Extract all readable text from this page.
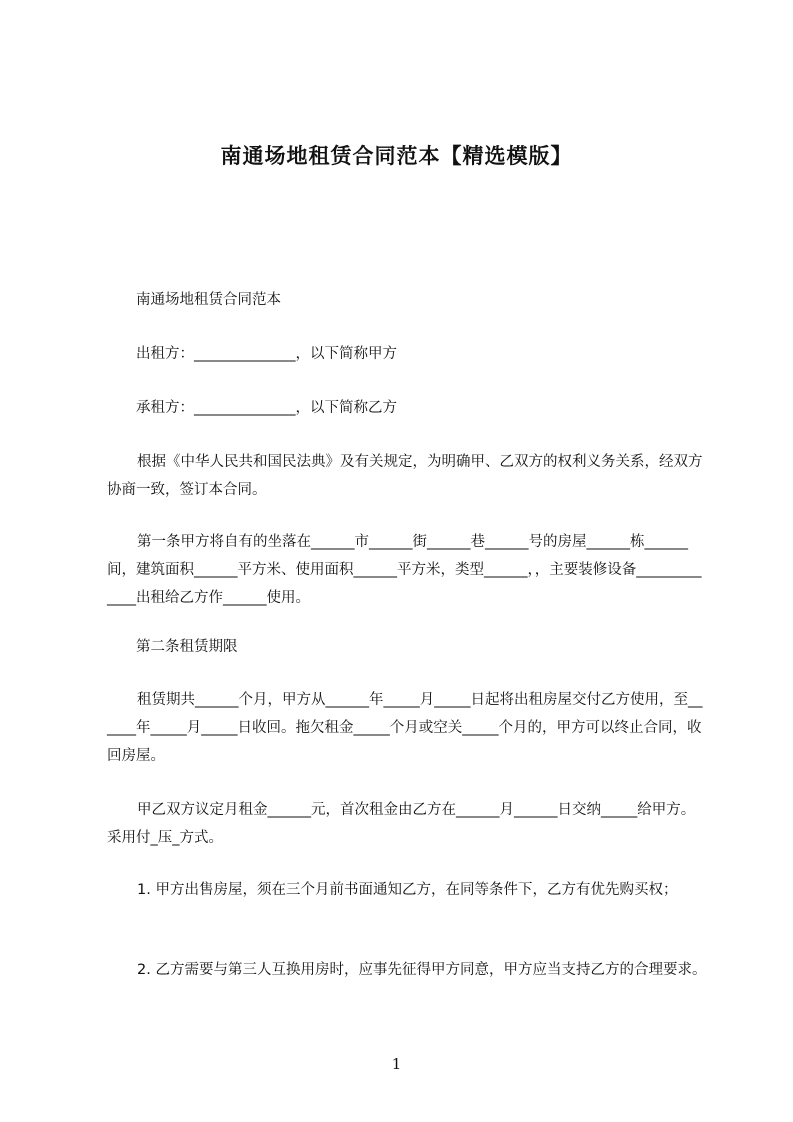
南通场地租赁合同范本【精选模版】

南通场地租赁合同范本

出租方：______________，以下简称甲方

承租方：______________，以下简称乙方

根据《中华人民共和国民法典》及有关规定，为明确甲、乙双方的权利义务关系，经双方协商一致，签订本合同。

第一条甲方将自有的坐落在______市______街______巷______号的房屋______栋______间，建筑面积______平方米、使用面积______平方米，类型______，，主要装修设备_____________出租给乙方作______使用。

第二条租赁期限

租赁期共______个月，甲方从______年_____月_____日起将出租房屋交付乙方使用，至______年_____月_____日收回。拖欠租金_____个月或空关_____个月的，甲方可以终止合同，收回房屋。

甲乙双方议定月租金______元，首次租金由乙方在______月______日交纳_____给甲方。采用付_压_方式。

1. 甲方出售房屋，须在三个月前书面通知乙方，在同等条件下，乙方有优先购买权；

2. 乙方需要与第三人互换用房时，应事先征得甲方同意，甲方应当支持乙方的合理要求。

1
